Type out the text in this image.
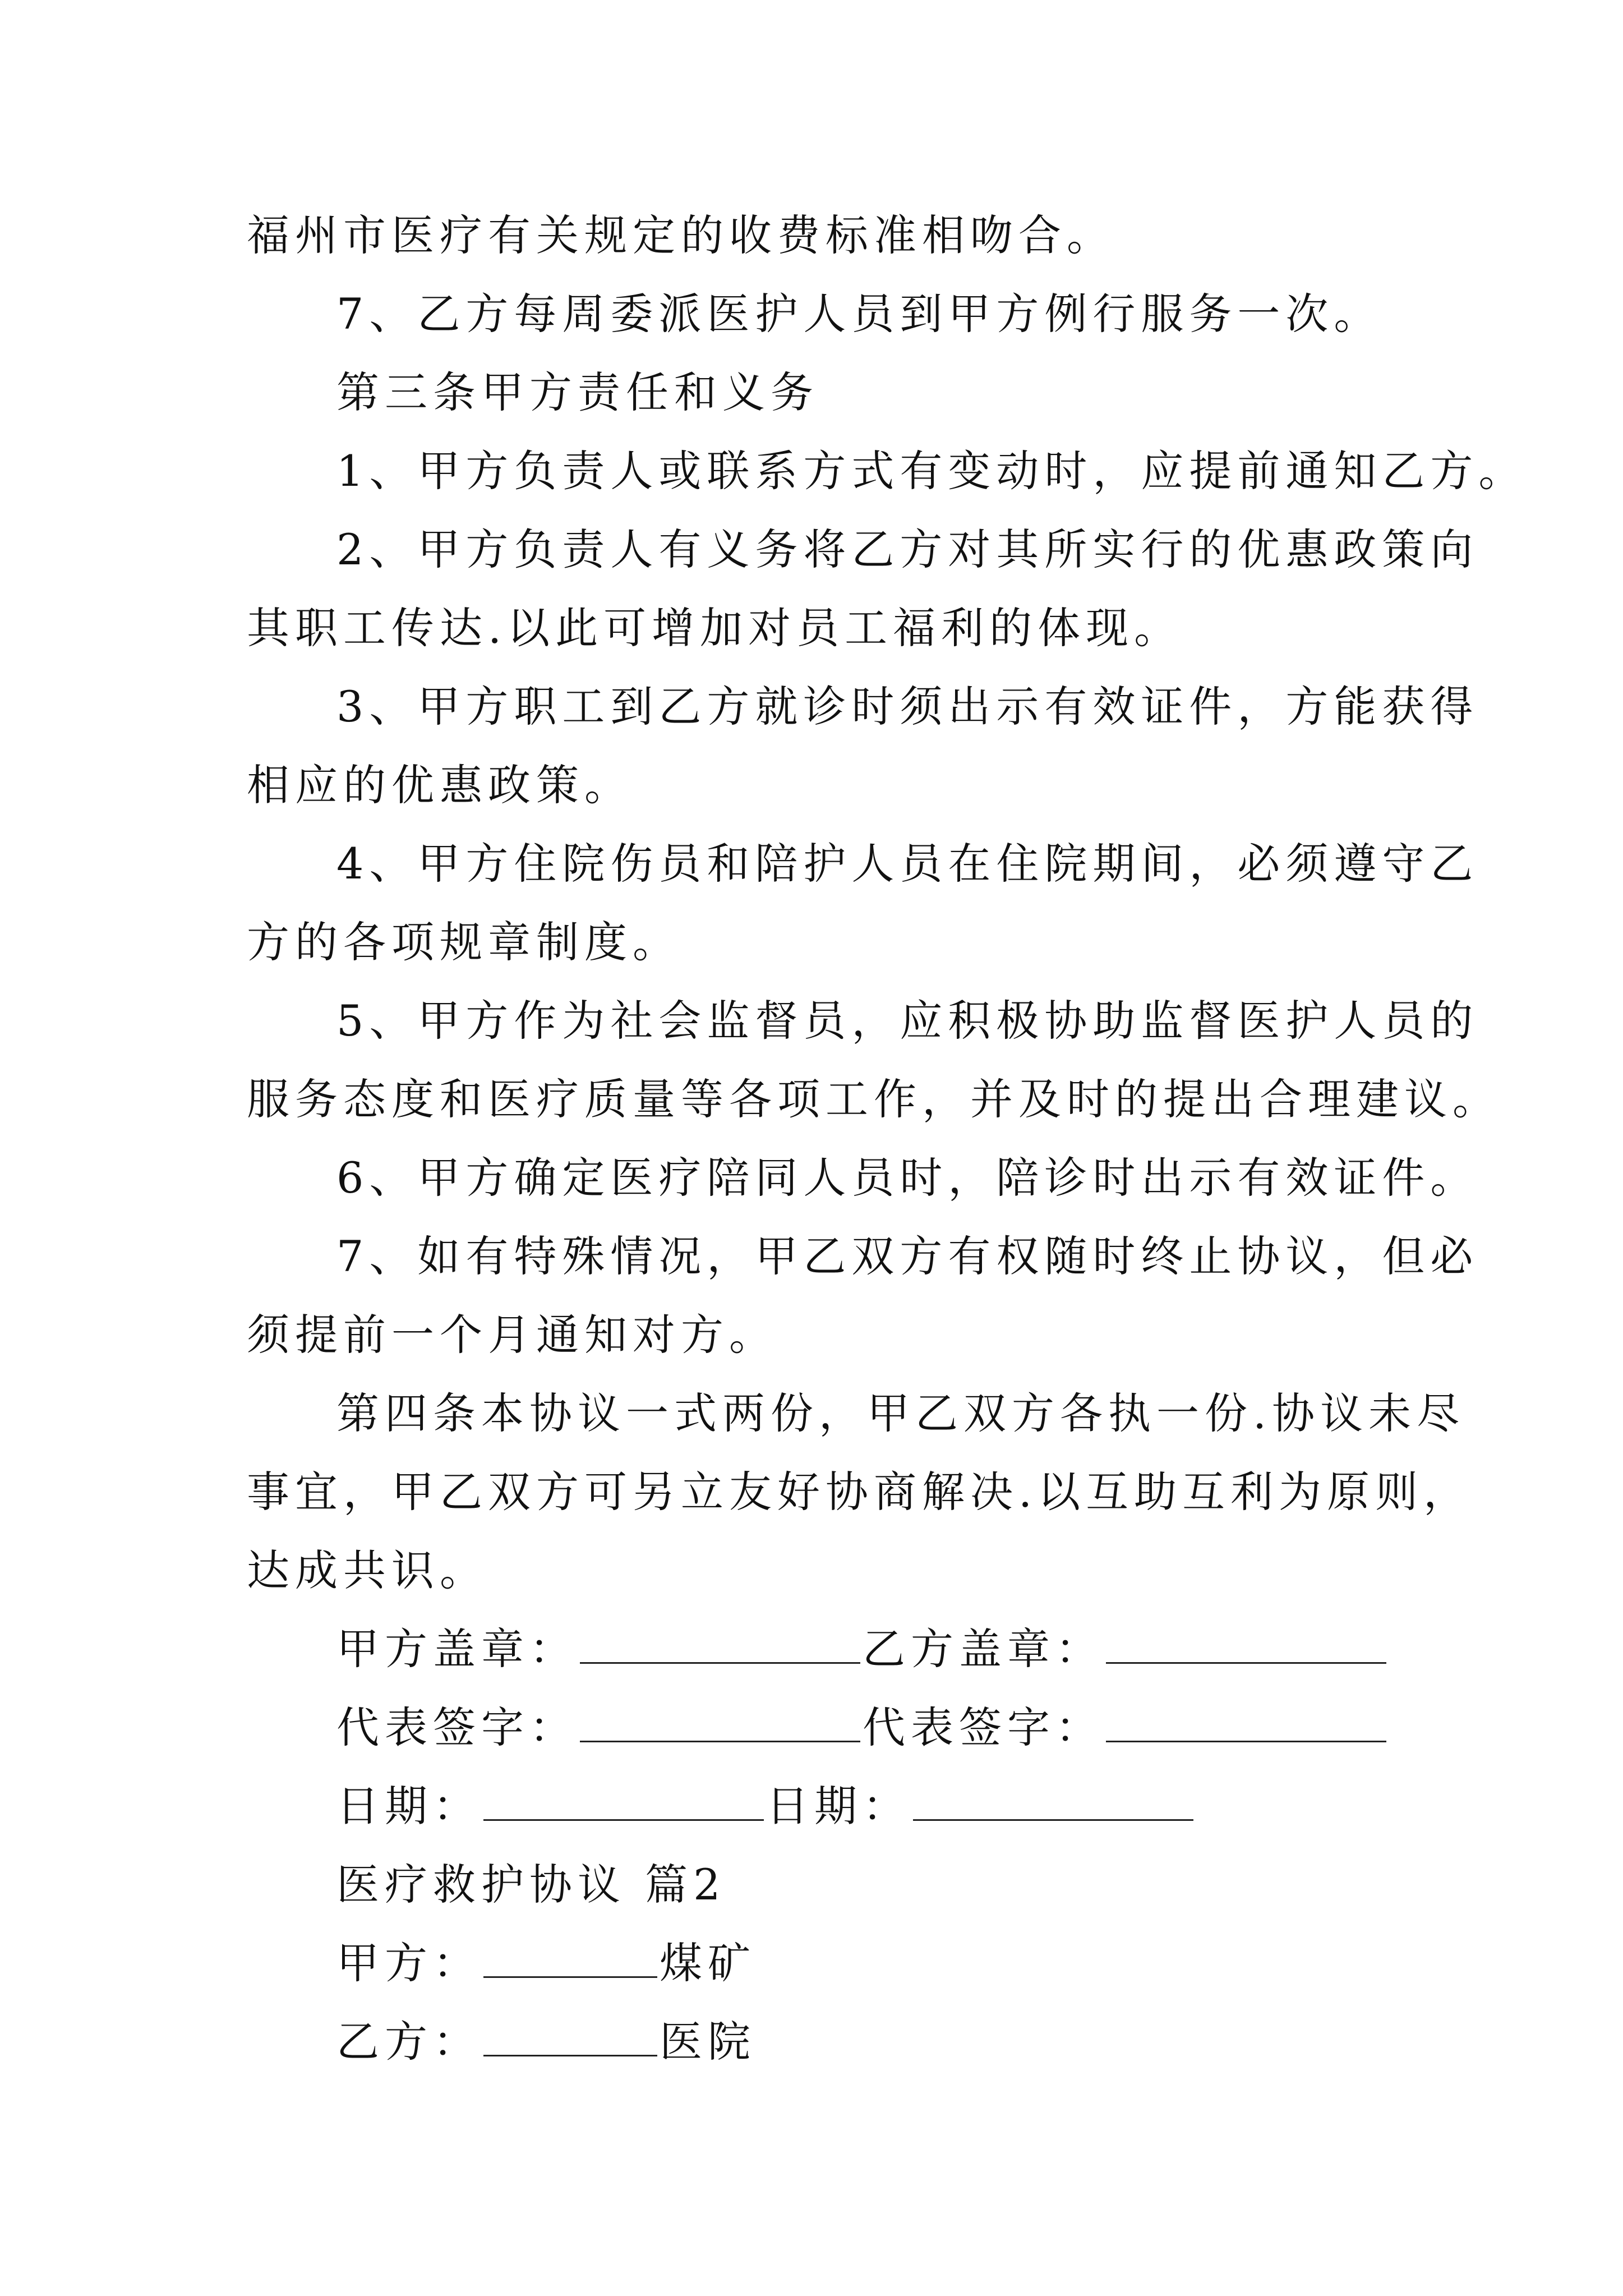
福州市医疗有关规定的收费标准相吻合。
7、乙方每周委派医护人员到甲方例行服务一次。
第三条甲方责任和义务
1、甲方负责人或联系方式有变动时，应提前通知乙方。
2、甲方负责人有义务将乙方对其所实行的优惠政策向
其职工传达.以此可增加对员工福利的体现。
3、甲方职工到乙方就诊时须出示有效证件，方能获得
相应的优惠政策。
4、甲方住院伤员和陪护人员在住院期间，必须遵守乙
方的各项规章制度。
5、甲方作为社会监督员，应积极协助监督医护人员的
服务态度和医疗质量等各项工作，并及时的提出合理建议。
6、甲方确定医疗陪同人员时，陪诊时出示有效证件。
7、如有特殊情况，甲乙双方有权随时终止协议，但必
须提前一个月通知对方。
第四条本协议一式两份，甲乙双方各执一份.协议未尽
事宜，甲乙双方可另立友好协商解决.以互助互利为原则，
达成共识。
甲方盖章：	乙方盖章：
代表签字：	代表签字：
日期：	日期：
医疗救护协议 篇2
甲方：	煤矿
乙方：	医院
